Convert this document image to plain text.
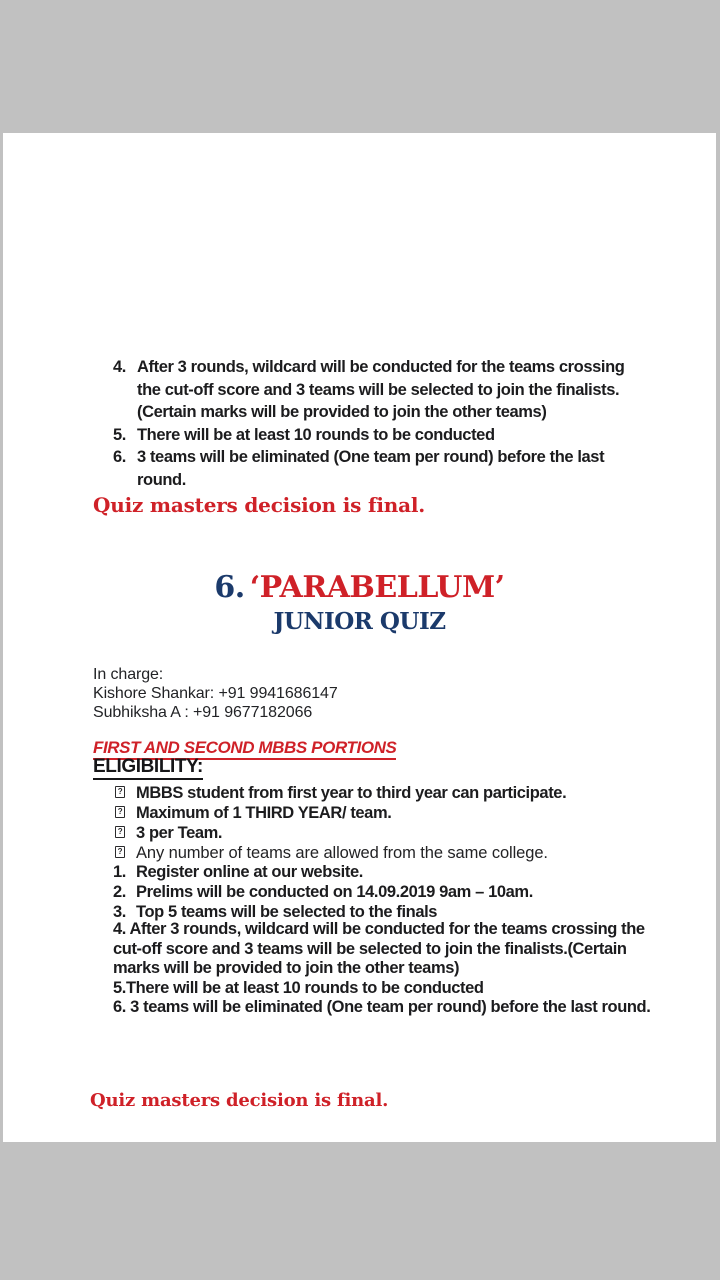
4. After 3 rounds, wildcard will be conducted for the teams crossing the cut-off score and 3 teams will be selected to join the finalists.(Certain marks will be provided to join the other teams)
5. There will be at least 10 rounds to be conducted
6. 3 teams will be eliminated (One team per round) before the last round.
Quiz masters decision is final.
6. ‘PARABELLUM’
JUNIOR QUIZ
In charge:
Kishore Shankar: +91 9941686147
Subhiksha A : +91 9677182066
FIRST AND SECOND MBBS PORTIONS
ELIGIBILITY:
? MBBS student from first year to third year can participate.
? Maximum of 1 THIRD YEAR/ team.
? 3 per Team.
? Any number of teams are allowed from the same college.
1. Register online at our website.
2. Prelims will be conducted on 14.09.2019 9am – 10am.
3. Top 5 teams will be selected to the finals
4. After 3 rounds, wildcard will be conducted for the teams crossing the cut-off score and 3 teams will be selected to join the finalists.(Certain marks will be provided to join the other teams)
5.There will be at least 10 rounds to be conducted
6. 3 teams will be eliminated (One team per round) before the last round.
Quiz masters decision is final.
